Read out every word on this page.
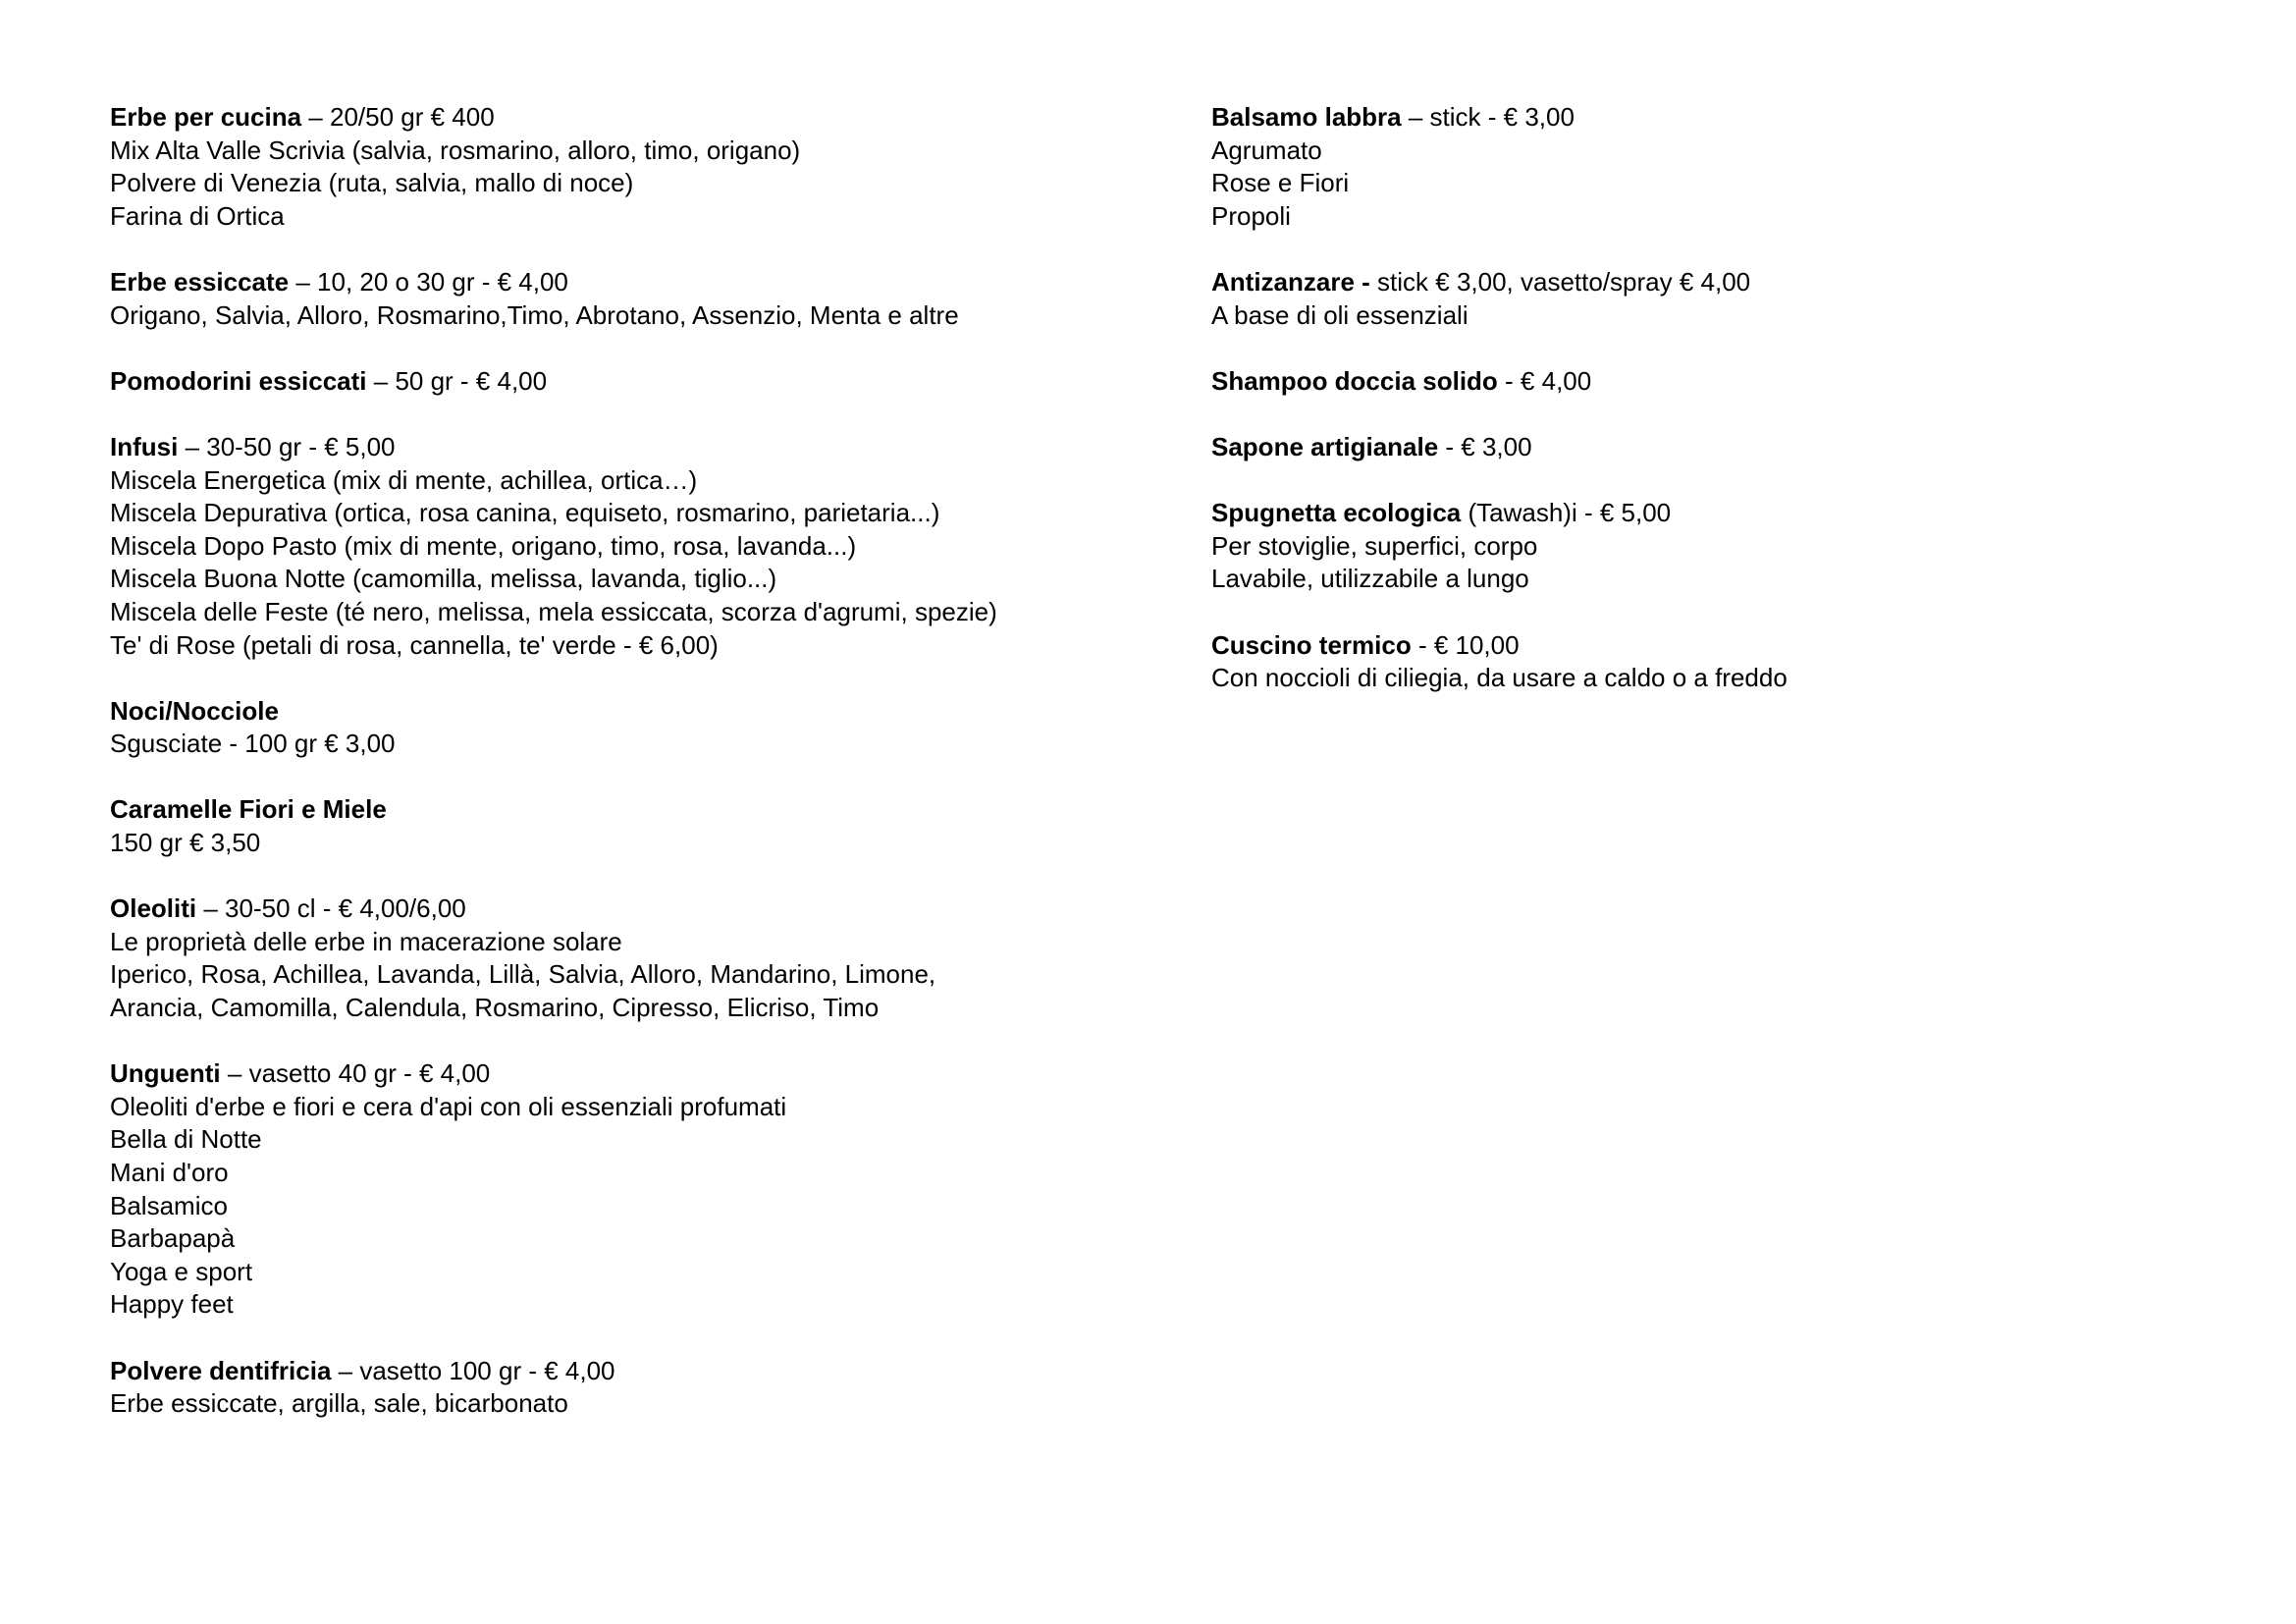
Erbe per cucina – 20/50 gr € 400
Mix Alta Valle Scrivia (salvia, rosmarino, alloro, timo, origano)
Polvere di Venezia (ruta, salvia, mallo di noce)
Farina di Ortica
Erbe essiccate – 10, 20 o 30 gr - € 4,00
Origano, Salvia, Alloro, Rosmarino,Timo, Abrotano, Assenzio, Menta e altre
Pomodorini essiccati – 50 gr - € 4,00
Infusi – 30-50 gr - € 5,00
Miscela Energetica (mix di mente, achillea, ortica…)
Miscela Depurativa (ortica, rosa canina, equiseto, rosmarino, parietaria...)
Miscela Dopo Pasto (mix di mente, origano, timo, rosa, lavanda...)
Miscela Buona Notte (camomilla, melissa, lavanda, tiglio...)
Miscela delle Feste (té nero, melissa, mela essiccata, scorza d'agrumi, spezie)
Te' di Rose (petali di rosa, cannella, te' verde - € 6,00)
Noci/Nocciole
Sgusciate - 100 gr € 3,00
Caramelle Fiori e Miele
150 gr € 3,50
Oleoliti – 30-50 cl - € 4,00/6,00
Le proprietà delle erbe in macerazione solare
Iperico, Rosa, Achillea, Lavanda, Lillà, Salvia, Alloro, Mandarino, Limone,
Arancia, Camomilla, Calendula, Rosmarino, Cipresso, Elicriso, Timo
Unguenti – vasetto 40 gr - € 4,00
Oleoliti d'erbe e fiori e cera d'api con oli essenziali profumati
Bella di Notte
Mani d'oro
Balsamico
Barbapapà
Yoga e sport
Happy feet
Polvere dentifricia – vasetto 100 gr - € 4,00
Erbe essiccate, argilla, sale, bicarbonato
Balsamo labbra – stick - € 3,00
Agrumato
Rose e Fiori
Propoli
Antizanzare - stick € 3,00, vasetto/spray € 4,00
A base di oli essenziali
Shampoo doccia solido - € 4,00
Sapone artigianale - € 3,00
Spugnetta ecologica (Tawash)i - € 5,00
Per stoviglie, superfici, corpo
Lavabile, utilizzabile a lungo
Cuscino termico - € 10,00
Con noccioli di ciliegia, da usare a caldo o a freddo
